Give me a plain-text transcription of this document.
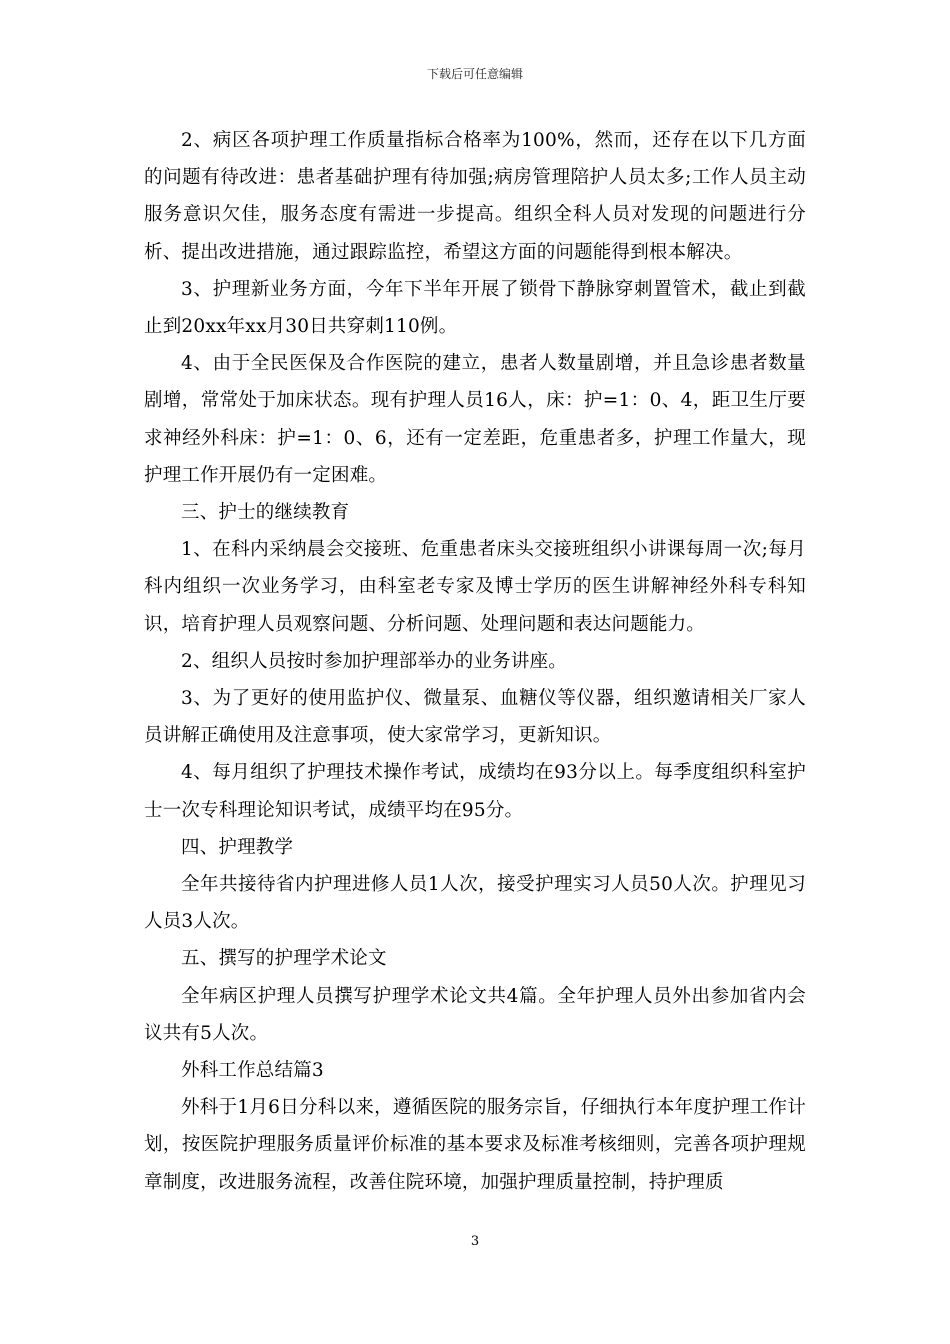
下载后可任意编辑

2、病区各项护理工作质量指标合格率为100%，然而，还存在以下几方面的问题有待改进：患者基础护理有待加强;病房管理陪护人员太多;工作人员主动服务意识欠佳，服务态度有需进一步提高。组织全科人员对发现的问题进行分析、提出改进措施，通过跟踪监控，希望这方面的问题能得到根本解决。

3、护理新业务方面，今年下半年开展了锁骨下静脉穿刺置管术，截止到截止到20xx年xx月30日共穿刺110例。

4、由于全民医保及合作医院的建立，患者人数量剧增，并且急诊患者数量剧增，常常处于加床状态。现有护理人员16人，床：护=1：0、4，距卫生厅要求神经外科床：护=1：0、6，还有一定差距，危重患者多，护理工作量大，现护理工作开展仍有一定困难。

三、护士的继续教育

1、在科内采纳晨会交接班、危重患者床头交接班组织小讲课每周一次;每月科内组织一次业务学习，由科室老专家及博士学历的医生讲解神经外科专科知识，培育护理人员观察问题、分析问题、处理问题和表达问题能力。

2、组织人员按时参加护理部举办的业务讲座。

3、为了更好的使用监护仪、微量泵、血糖仪等仪器，组织邀请相关厂家人员讲解正确使用及注意事项，使大家常学习，更新知识。

4、每月组织了护理技术操作考试，成绩均在93分以上。每季度组织科室护士一次专科理论知识考试，成绩平均在95分。

四、护理教学

全年共接待省内护理进修人员1人次，接受护理实习人员50人次。护理见习人员3人次。

五、撰写的护理学术论文

全年病区护理人员撰写护理学术论文共4篇。全年护理人员外出参加省内会议共有5人次。

外科工作总结篇3

外科于1月6日分科以来，遵循医院的服务宗旨，仔细执行本年度护理工作计划，按医院护理服务质量评价标准的基本要求及标准考核细则，完善各项护理规章制度，改进服务流程，改善住院环境，加强护理质量控制，持护理质

3
